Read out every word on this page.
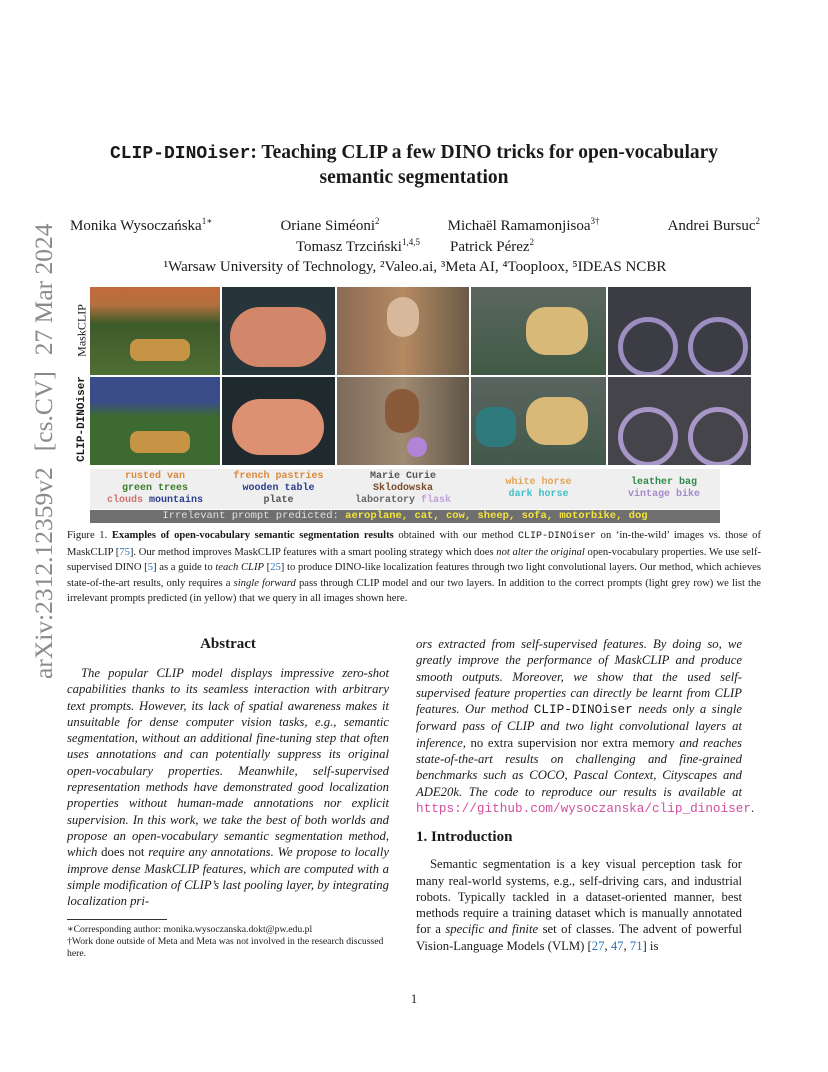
arXiv:2312.12359v2[cs.CV]27 Mar 2024
CLIP-DINOiser: Teaching CLIP a few DINO tricks for open-vocabulary
semantic segmentation
Monika Wysoczańska$^{1∗}$	Oriane Siméoni$^2$	Michaël Ramamonjisoa$^{3\dagger}$	Andrei Bursuc$^2$
Tomasz Trzciński$^{1,4,5}$ Patrick Pérez$^2$
¹Warsaw University of Technology, ²Valeo.ai, ³Meta AI, ⁴Tooploox, ⁵IDEAS NCBR
MaskCLIP
CLIP-DINOiser
rusted van
green trees
clouds mountains
french pastries
wooden table
plate
Marie Curie
Sklodowska
laboratory flask
white horse
dark horse
leather bag
vintage bike
Irrelevant prompt predicted: aeroplane, cat, cow, sheep, sofa, motorbike, dog
Figure 1. Examples of open-vocabulary semantic segmentation results obtained with our method CLIP-DINOiser on ‘in-the-wild’ images vs. those of MaskCLIP [75]. Our method improves MaskCLIP features with a smart pooling strategy which does not alter the original open-vocabulary properties. We use self-supervised DINO [5] as a guide to teach CLIP [25] to produce DINO-like localization features through two light convolutional layers. Our method, which achieves state-of-the-art results, only requires a single forward pass through CLIP model and our two layers. In addition to the correct prompts (light grey row) we list the irrelevant prompts predicted (in yellow) that we query in all images shown here.
Abstract
The popular CLIP model displays impressive zero-shot capabilities thanks to its seamless interaction with arbitrary text prompts. However, its lack of spatial awareness makes it unsuitable for dense computer vision tasks, e.g., semantic segmentation, without an additional fine-tuning step that often uses annotations and can potentially suppress its original open-vocabulary properties. Meanwhile, self-supervised representation methods have demonstrated good localization properties without human-made annotations nor explicit supervision. In this work, we take the best of both worlds and propose an open-vocabulary semantic segmentation method, which does not require any annotations. We propose to locally improve dense MaskCLIP features, which are computed with a simple modification of CLIP’s last pooling layer, by integrating localization pri-
∗Corresponding author: monika.wysoczanska.dokt@pw.edu.pl
†Work done outside of Meta and Meta was not involved in the research discussed here.
ors extracted from self-supervised features. By doing so, we greatly improve the performance of MaskCLIP and produce smooth outputs. Moreover, we show that the used self-supervised feature properties can directly be learnt from CLIP features. Our method CLIP-DINOiser needs only a single forward pass of CLIP and two light convolutional layers at inference, no extra supervision nor extra memory and reaches state-of-the-art results on challenging and fine-grained benchmarks such as COCO, Pascal Context, Cityscapes and ADE20k. The code to reproduce our results is available at https://github.com/wysoczanska/clip_dinoiser.
1. Introduction
Semantic segmentation is a key visual perception task for many real-world systems, e.g., self-driving cars, and industrial robots. Typically tackled in a dataset-oriented manner, best methods require a training dataset which is manually annotated for a specific and finite set of classes. The advent of powerful Vision-Language Models (VLM) [27, 47, 71] is
1
